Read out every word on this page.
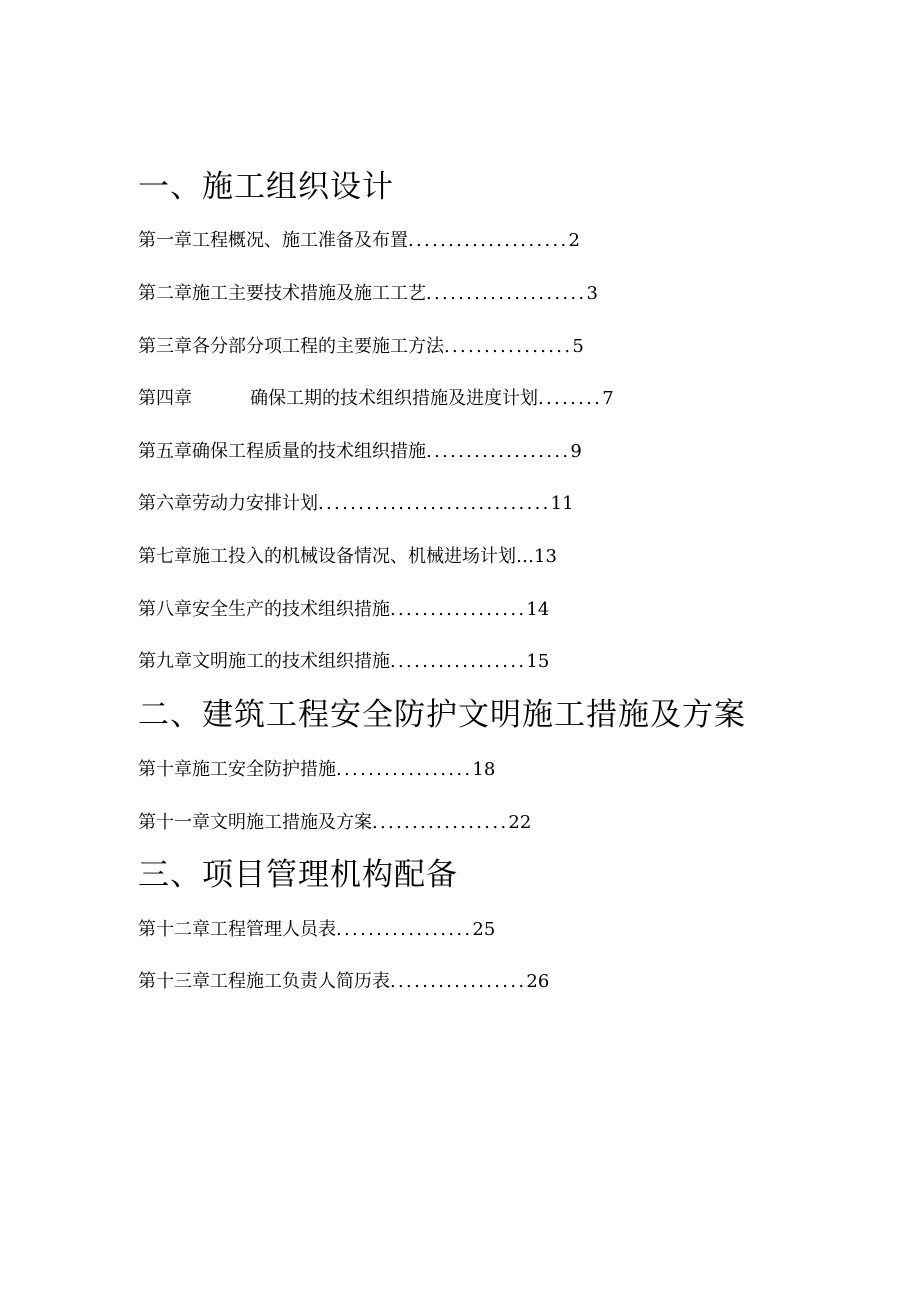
一、施工组织设计
第一章工程概况、施工准备及布置....................2
第二章施工主要技术措施及施工工艺....................3
第三章各分部分项工程的主要施工方法................5
第四章	确保工期的技术组织措施及进度计划........7
第五章确保工程质量的技术组织措施..................9
第六章劳动力安排计划.............................11
第七章施工投入的机械设备情况、机械进场计划…13
第八章安全生产的技术组织措施.................14
第九章文明施工的技术组织措施.................15
二、建筑工程安全防护文明施工措施及方案
第十章施工安全防护措施.................18
第十一章文明施工措施及方案.................22
三、项目管理机构配备
第十二章工程管理人员表.................25
第十三章工程施工负责人简历表.................26
